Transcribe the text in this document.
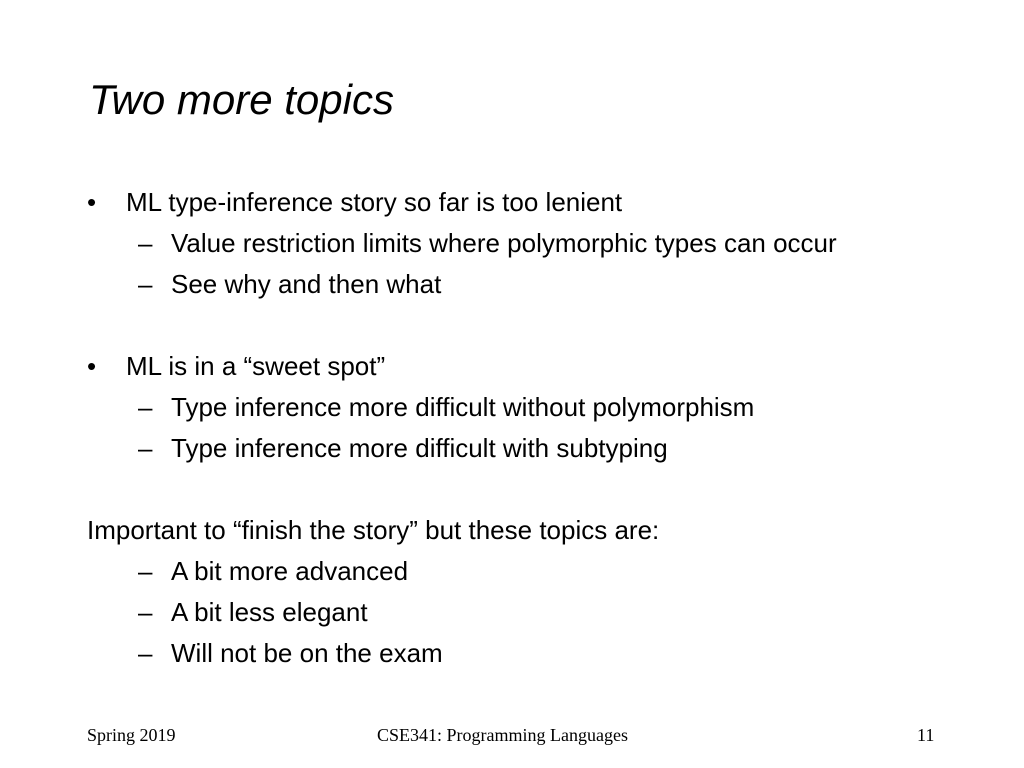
Two more topics
• ML type-inference story so far is too lenient
– Value restriction limits where polymorphic types can occur
– See why and then what
• ML is in a “sweet spot”
– Type inference more difficult without polymorphism
– Type inference more difficult with subtyping
Important to “finish the story” but these topics are:
– A bit more advanced
– A bit less elegant
– Will not be on the exam
Spring 2019	CSE341: Programming Languages	11
